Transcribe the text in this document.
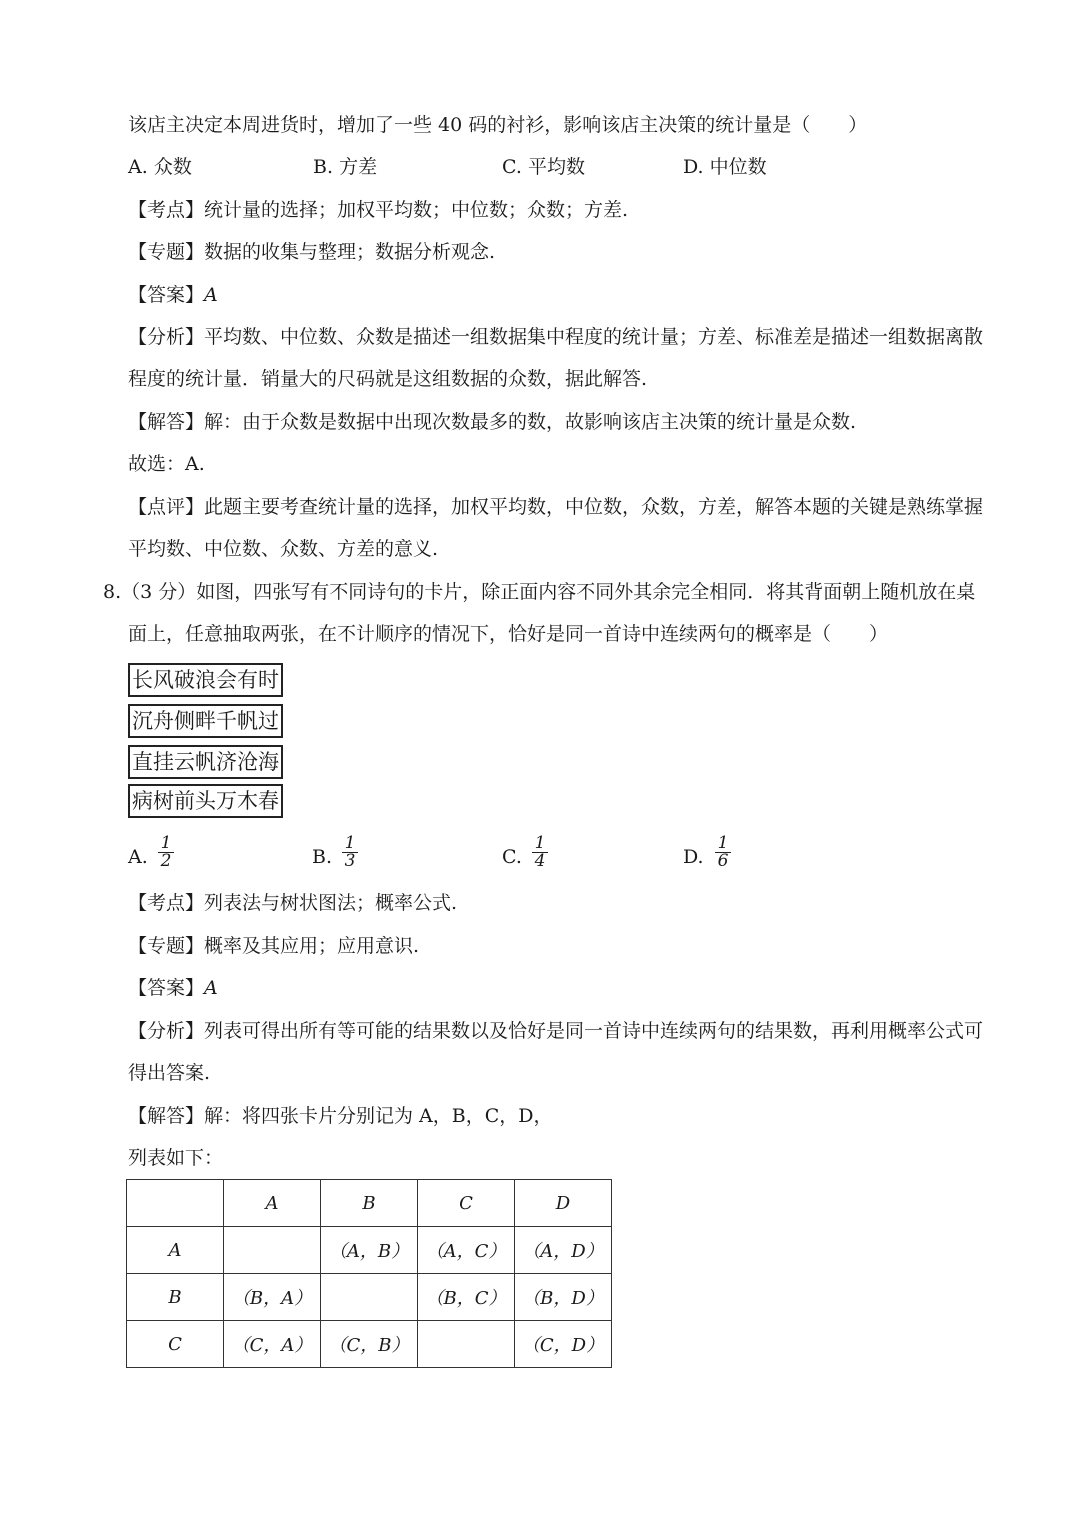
该店主决定本周进货时，增加了一些 40 码的衬衫，影响该店主决策的统计量是（　　）
A. 众数	B. 方差	C. 平均数	D. 中位数
【考点】统计量的选择；加权平均数；中位数；众数；方差.
【专题】数据的收集与整理；数据分析观念.
【答案】A
【分析】平均数、中位数、众数是描述一组数据集中程度的统计量；方差、标准差是描述一组数据离散
程度的统计量．销量大的尺码就是这组数据的众数，据此解答.
【解答】解：由于众数是数据中出现次数最多的数，故影响该店主决策的统计量是众数.
故选：A.
【点评】此题主要考查统计量的选择，加权平均数，中位数，众数，方差，解答本题的关键是熟练掌握
平均数、中位数、众数、方差的意义.
8.（3 分）如图，四张写有不同诗句的卡片，除正面内容不同外其余完全相同．将其背面朝上随机放在桌
面上，任意抽取两张，在不计顺序的情况下，恰好是同一首诗中连续两句的概率是（　　）
长风破浪会有时
沉舟侧畔千帆过
直挂云帆济沧海
病树前头万木春
A. $\frac{1}{2}$	B. $\frac{1}{3}$	C. $\frac{1}{4}$	D. $\frac{1}{6}$
【考点】列表法与树状图法；概率公式.
【专题】概率及其应用；应用意识.
【答案】A
【分析】列表可得出所有等可能的结果数以及恰好是同一首诗中连续两句的结果数，再利用概率公式可
得出答案.
【解答】解：将四张卡片分别记为 A，B，C，D，
列表如下：
	A	B	C	D
A		（A，B）	（A，C）	（A，D）
B	（B，A）		（B，C）	（B，D）
C	（C，A）	（C，B）		（C，D）
